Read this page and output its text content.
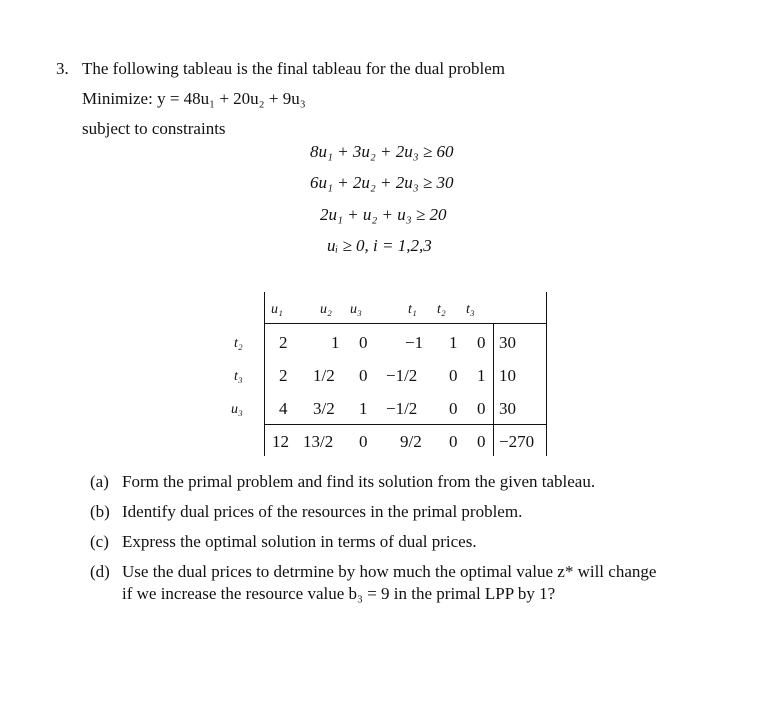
3. The following tableau is the final tableau for the dual problem
Minimize: y = 48u₁ + 20u₂ + 9u₃
subject to constraints
8u₁ + 3u₂ + 2u₃ ≥ 60
6u₁ + 2u₂ + 2u₃ ≥ 30
2u₁ + u₂ + u₃ ≥ 20
uᵢ ≥ 0, i = 1,2,3
u₁	u₂ u₃	t₁ t₂ t₃
t₂ 2	1 0 −1 1 0 30
t₃ 2 1/2 0 −1/2 0 1 10
u₃ 4 3/2 1 −1/2 0 0 30
12 13/2 0 9/2 0 0 −270
(a) Form the primal problem and find its solution from the given tableau.
(b) Identify dual prices of the resources in the primal problem.
(c) Express the optimal solution in terms of dual prices.
(d) Use the dual prices to detrmine by how much the optimal value z* will change
if we increase the resource value b₃ = 9 in the primal LPP by 1?
